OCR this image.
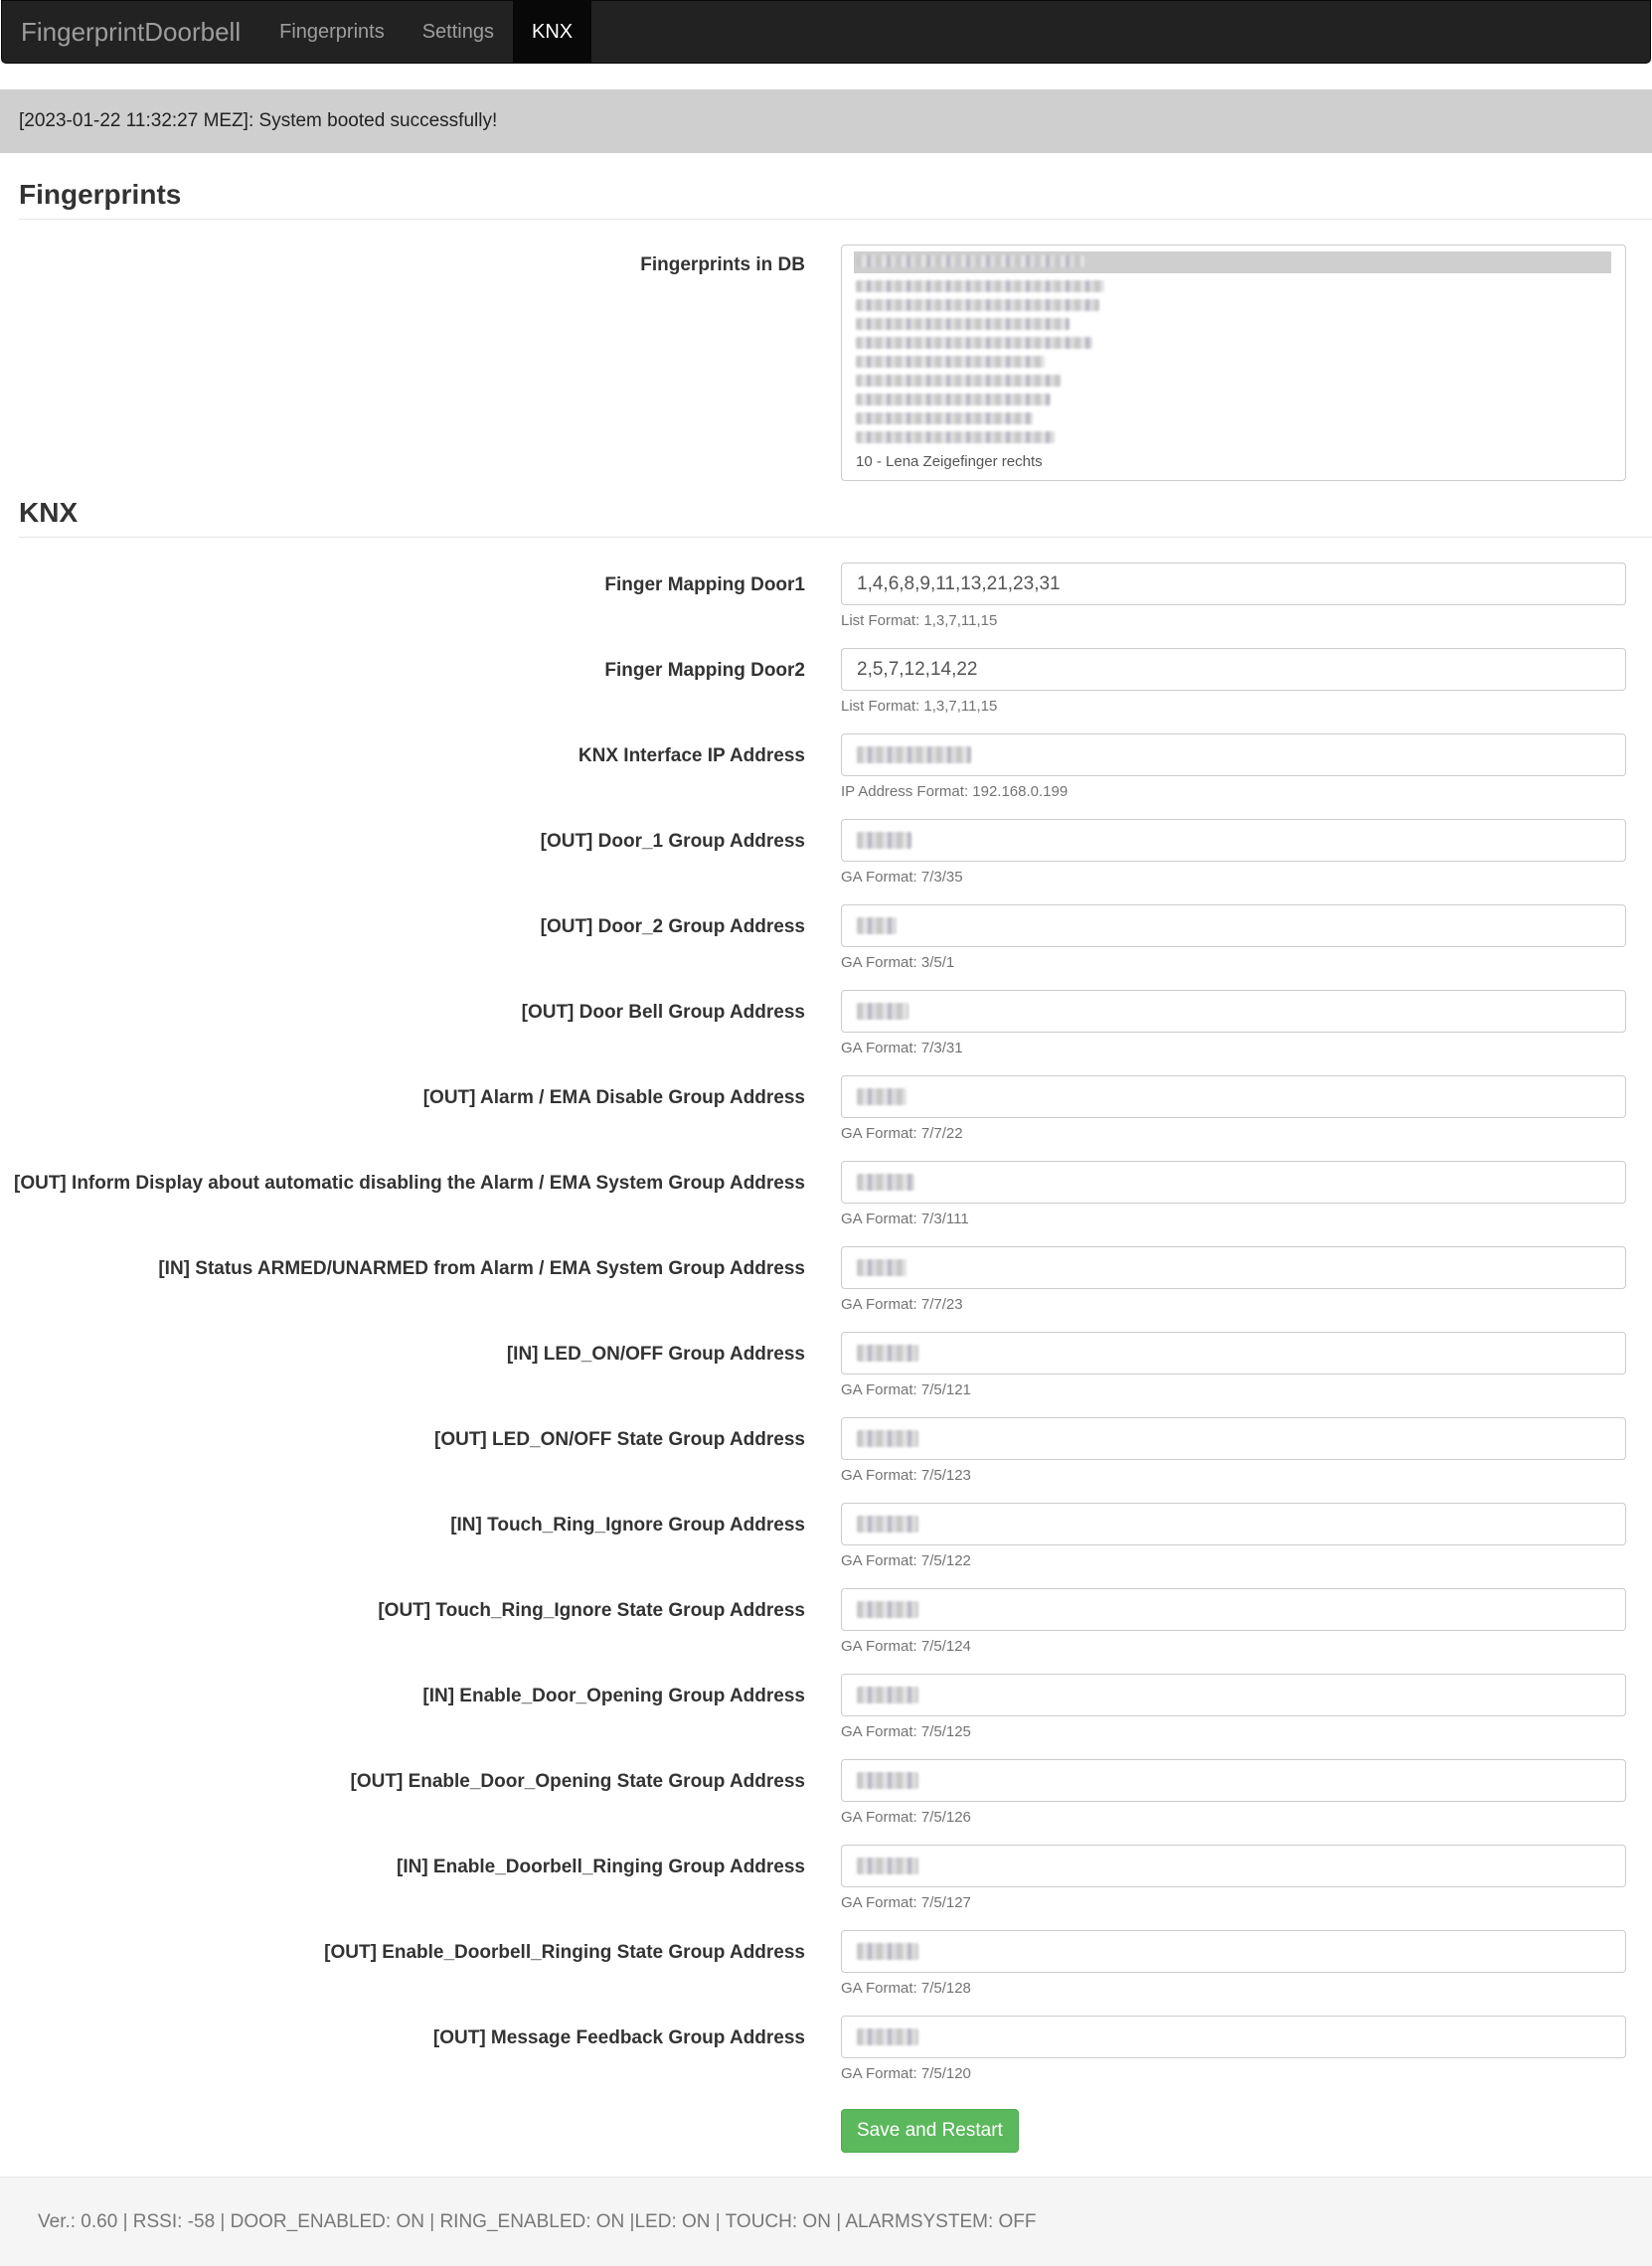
FingerprintDoorbell	Fingerprints	Settings	KNX
[2023-01-22 11:32:27 MEZ]: System booted successfully!
Fingerprints
Fingerprints in DB
10 - Lena Zeigefinger rechts
KNX
Finger Mapping Door1	1,4,6,8,9,11,13,21,23,31
List Format: 1,3,7,11,15
Finger Mapping Door2	2,5,7,12,14,22
List Format: 1,3,7,11,15
KNX Interface IP Address
IP Address Format: 192.168.0.199
[OUT] Door_1 Group Address
GA Format: 7/3/35
[OUT] Door_2 Group Address
GA Format: 3/5/1
[OUT] Door Bell Group Address
GA Format: 7/3/31
[OUT] Alarm / EMA Disable Group Address
GA Format: 7/7/22
[OUT] Inform Display about automatic disabling the Alarm / EMA System Group Address
GA Format: 7/3/111
[IN] Status ARMED/UNARMED from Alarm / EMA System Group Address
GA Format: 7/7/23
[IN] LED_ON/OFF Group Address
GA Format: 7/5/121
[OUT] LED_ON/OFF State Group Address
GA Format: 7/5/123
[IN] Touch_Ring_Ignore Group Address
GA Format: 7/5/122
[OUT] Touch_Ring_Ignore State Group Address
GA Format: 7/5/124
[IN] Enable_Door_Opening Group Address
GA Format: 7/5/125
[OUT] Enable_Door_Opening State Group Address
GA Format: 7/5/126
[IN] Enable_Doorbell_Ringing Group Address
GA Format: 7/5/127
[OUT] Enable_Doorbell_Ringing State Group Address
GA Format: 7/5/128
[OUT] Message Feedback Group Address
GA Format: 7/5/120
Save and Restart
Ver.: 0.60 | RSSI: -58 | DOOR_ENABLED: ON | RING_ENABLED: ON |LED: ON | TOUCH: ON | ALARMSYSTEM: OFF
